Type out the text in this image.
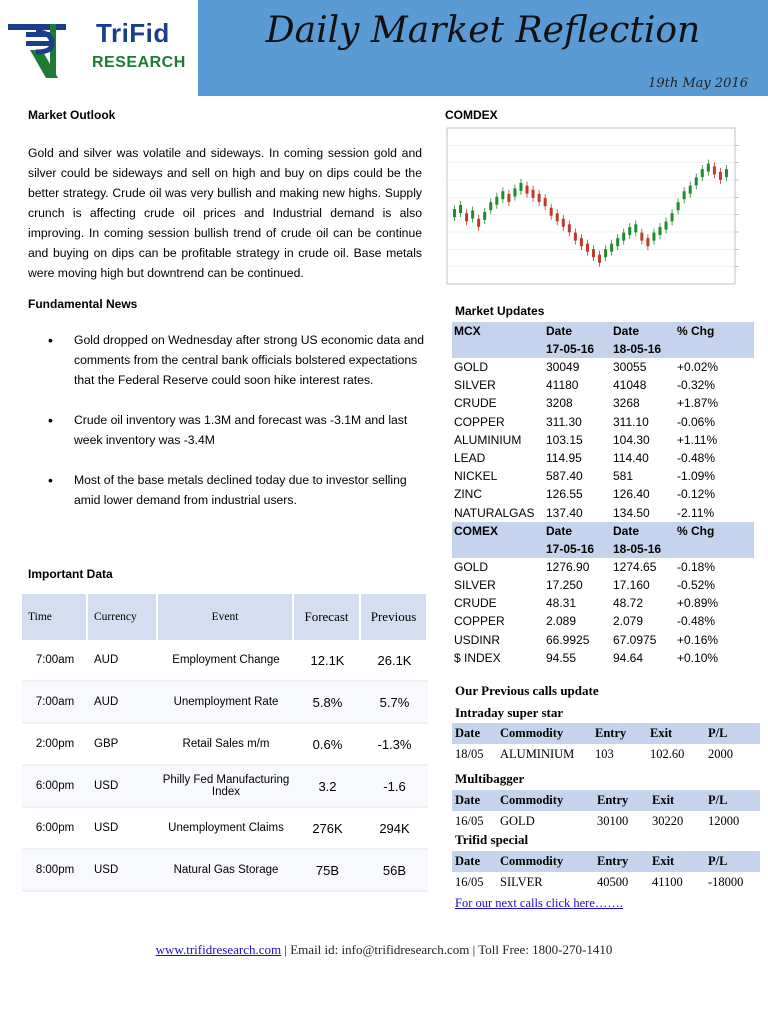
TriFid
RESEARCH
Daily Market Reflection
19th May 2016
Market Outlook
Gold and silver was volatile and sideways. In coming session gold and silver could be sideways and sell on high and buy on dips could be the better strategy. Crude oil was very bullish and making new highs. Supply crunch is affecting crude oil prices and Industrial demand is also improving. In coming session bullish trend of crude oil can be continue and buying on dips can be profitable strategy in crude oil. Base metals were moving high but downtrend can be continued.
Fundamental News
• Gold dropped on Wednesday after strong US economic data and comments from the central bank officials bolstered expectations that the Federal Reserve could soon hike interest rates.
• Crude oil inventory was 1.3M and forecast was -3.1M and last week inventory was -3.4M
• Most of the base metals declined today due to investor selling amid lower demand from industrial users.
Important Data
Time	Currency	Event	Forecast	Previous
7:00am	AUD	Employment Change	12.1K	26.1K
7:00am	AUD	Unemployment Rate	5.8%	5.7%
2:00pm	GBP	Retail Sales m/m	0.6%	-1.3%
6:00pm	USD	Philly Fed Manufacturing Index	3.2	-1.6
6:00pm	USD	Unemployment Claims	276K	294K
8:00pm	USD	Natural Gas Storage	75B	56B
COMDEX
Market Updates
MCX	Date	Date	% Chg
	17-05-16	18-05-16	
GOLD	30049	30055	+0.02%
SILVER	41180	41048	-0.32%
CRUDE	3208	3268	+1.87%
COPPER	311.30	311.10	-0.06%
ALUMINIUM	103.15	104.30	+1.11%
LEAD	114.95	114.40	-0.48%
NICKEL	587.40	581	-1.09%
ZINC	126.55	126.40	-0.12%
NATURALGAS	137.40	134.50	-2.11%
COMEX	Date	Date	% Chg
	17-05-16	18-05-16	
GOLD	1276.90	1274.65	-0.18%
SILVER	17.250	17.160	-0.52%
CRUDE	48.31	48.72	+0.89%
COPPER	2.089	2.079	-0.48%
USDINR	66.9925	67.0975	+0.16%
$ INDEX	94.55	94.64	+0.10%
Our Previous calls update
Intraday super star
Date	Commodity	Entry	Exit	P/L
18/05	ALUMINIUM	103	102.60	2000
Multibagger
Date	Commodity	Entry	Exit	P/L
16/05	GOLD	30100	30220	12000
Trifid special
Date	Commodity	Entry	Exit	P/L
16/05	SILVER	40500	41100	-18000
For our next calls click here…….
www.trifidresearch.com | Email id: info@trifidresearch.com | Toll Free: 1800-270-1410
